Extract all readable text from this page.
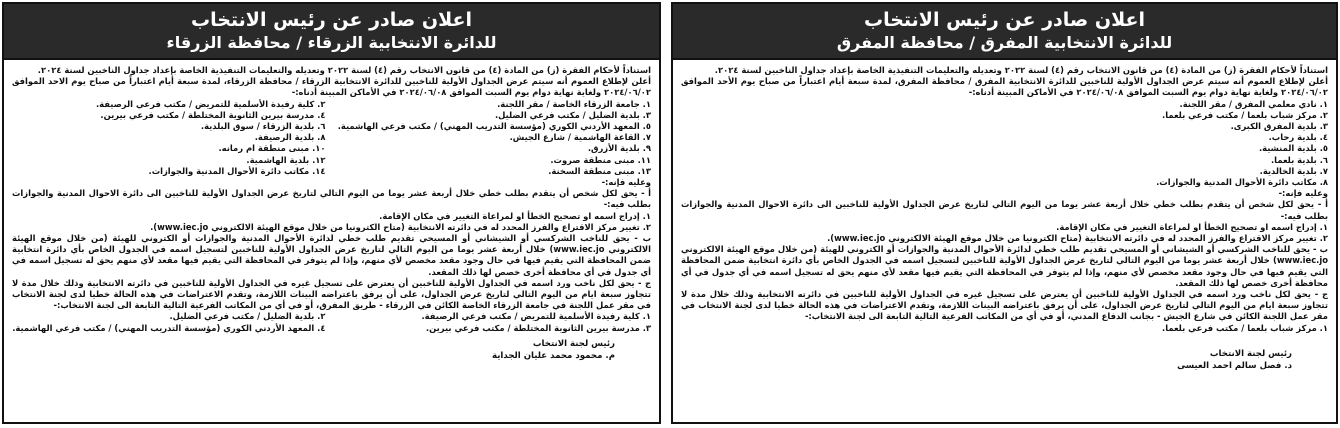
اعلان صادر عن رئيس الانتخاب
للدائرة الانتخابية الزرقاء / محافظة الزرقاء

استناداً لأحكام الفقرة (ز) من المادة (٤) من قانون الانتخاب رقم (٤) لسنة ٢٠٢٢ وتعديله والتعليمات التنفيذية الخاصة بإعداد جداول الناخبين لسنة ٢٠٢٤.

أعلن لإطلاع العموم أنه سيتم عرض الجداول الأولية للناخبين للدائرة الانتخابية الزرقاء / محافظة الزرقاء، لمدة سبعة أيام اعتباراً من صباح يوم الاحد الموافق ٢٠٢٤/٠٦/٠٢ ولغاية نهاية دوام يوم السبت الموافق ٢٠٢٤/٠٦/٠٨ في الأماكن المبينة أدناه:-

١. جامعة الزرقاء الخاصة / مقر اللجنة.
٢. كلية رفيدة الأسلمية للتمريض / مكتب فرعي الرصيفة.
٣. بلدية الضليل / مكتب فرعي الضليل.
٤. مدرسة بيرين الثانوية المختلطة / مكتب فرعي بيرين.
٥. المعهد الأردني الكوري (مؤسسة التدريب المهني) / مكتب فرعي الهاشمية.
٦. بلدية الزرقاء / سوق البلدية.
٧. القاعة الهاشمية / شارع الجيش.
٨. بلدية الرصيفة.
٩. بلدية الأزرق.
١٠. مبنى منطقة ام رمانه.
١١. مبنى منطقة صروت.
١٢. بلدية الهاشمية.
١٣. مبنى منطقة السخنة.
١٤. مكاتب دائرة الأحوال المدنية والجوازات.

وعليه فإنه:-

أ - يحق لكل شخص أن يتقدم بطلب خطي خلال أربعة عشر يوما من اليوم التالي لتاريخ عرض الجداول الأولية للناخبين الى دائرة الاحوال المدنية والجوازات بطلب فيه:-

١. إدراج اسمه او تصحيح الخطأ او لمراعاة التغيير في مكان الإقامة.

٢. تغيير مركز الاقتراع والفرز المحدد له في دائرته الانتخابية (متاح الكترونيا من خلال موقع الهيئة الالكتروني www.iec.jo).

ب - يحق للناخب الشركسي أو الشيشاني أو المسيحي تقديم طلب خطي لدائرة الأحوال المدنية والجوازات أو الكتروني للهيئة (من خلال موقع الهيئة الالكتروني www.iec.jo) خلال أربعة عشر يوما من اليوم التالي لتاريخ عرض الجداول الأولية للناخبين لتسجيل اسمه في الجدول الخاص بأي دائرة انتخابية ضمن المحافظة التي يقيم فيها في حال وجود مقعد مخصص لأي منهم، وإذا لم يتوفر في المحافظة التي يقيم فيها مقعد لأي منهم يحق له تسجيل اسمه في أي جدول في أي محافظة أخرى خصص لها ذلك المقعد.

ج - يحق لكل ناخب ورد اسمه في الجداول الأولية للناخبين أن يعترض على تسجيل غيره في الجداول الأولية للناخبين في دائرته الانتخابية وذلك خلال مدة لا تتجاوز سبعة ايام من اليوم التالي لتاريخ عرض الجداول، على أن يرفق باعتراضه البينات اللازمة، وتقدم الاعتراضات في هذه الحالة خطيا لدى لجنة الانتخاب في مقر عمل اللجنة في جامعة الزرقاء الخاصة الكائن في الزرقاء - طريق المفرق، أو في أي من المكاتب الفرعية التالية التابعة الى لجنة الانتخاب:-

١. كلية رفيدة الأسلمية للتمريض / مكتب فرعي الرصيفة.
٢. بلدية الضليل / مكتب فرعي الضليل.
٣. مدرسة بيرين الثانوية المختلطة / مكتب فرعي بيرين.
٤. المعهد الأردني الكوري (مؤسسة التدريب المهني) / مكتب فرعي الهاشمية.
رئيس لجنة الانتخاب
م. محمود محمد عليان الجداية
اعلان صادر عن رئيس الانتخاب
للدائرة الانتخابية المفرق / محافظة المفرق

استناداً لأحكام الفقرة (ز) من المادة (٤) من قانون الانتخاب رقم (٤) لسنة ٢٠٢٢ وتعديله والتعليمات التنفيذية الخاصة بإعداد جداول الناخبين لسنة ٢٠٢٤.

أعلن لإطلاع العموم أنه سيتم عرض الجداول الأولية للناخبين للدائرة الانتخابية المفرق / محافظة المفرق، لمدة سبعة أيام اعتباراً من صباح يوم الأحد الموافق ٢٠٢٤/٠٦/٠٢ ولغاية نهاية دوام يوم السبت الموافق ٢٠٢٤/٠٦/٠٨ في الأماكن المبينة أدناه:-

١. نادي معلمي المفرق / مقر اللجنة.
٢. مركز شباب بلعما / مكتب فرعي بلعما.
٣. بلدية المفرق الكبرى.
٤. بلدية رحاب.
٥. بلدية المنشية.
٦. بلدية بلعما.
٧. بلدية الخالدية.
٨. مكاتب دائرة الأحوال المدنية والجوازات.

وعليه فإنه:-

أ - يحق لكل شخص أن يتقدم بطلب خطي خلال أربعة عشر يوما من اليوم التالي لتاريخ عرض الجداول الأولية للناخبين الى دائرة الاحوال المدنية والجوازات بطلب فيه:-

١. إدراج اسمه او تصحيح الخطأ او لمراعاة التغيير في مكان الإقامة.

٢. تغيير مركز الاقتراع والفرز المحدد له في دائرته الانتخابية (متاح الكترونيا من خلال موقع الهيئة الالكتروني www.iec.jo).

ب - يحق للناخب الشركسي أو الشيشاني أو المسيحي تقديم طلب خطي لدائرة الأحوال المدنية والجوازات أو الكتروني للهيئة (من خلال موقع الهيئة الالكتروني www.iec.jo) خلال أربعة عشر يوما من اليوم التالي لتاريخ عرض الجداول الأولية للناخبين لتسجيل اسمه في الجدول الخاص بأي دائرة انتخابية ضمن المحافظة التي يقيم فيها في حال وجود مقعد مخصص لأي منهم، وإذا لم يتوفر في المحافظة التي يقيم فيها مقعد لأي منهم يحق له تسجيل اسمه في أي جدول في أي محافظة أخرى خصص لها ذلك المقعد.

ج - يحق لكل ناخب ورد اسمه في الجداول الأولية للناخبين أن يعترض على تسجيل غيره في الجداول الأولية للناخبين في دائرته الانتخابية وذلك خلال مدة لا تتجاوز سبعة ايام من اليوم التالي لتاريخ عرض الجداول، على أن يرفق باعتراضه البينات اللازمة، وتقدم الاعتراضات في هذه الحالة خطيا لدى لجنة الانتخاب في مقر عمل اللجنة الكائن في شارع الجيش - بجانب الدفاع المدني، أو في أي من المكاتب الفرعية التالية التابعة الى لجنة الانتخاب:-

١. مركز شباب بلعما / مكتب فرعي بلعما.

رئيس لجنة الانتخاب
د. فصل سالم احمد العيسى
